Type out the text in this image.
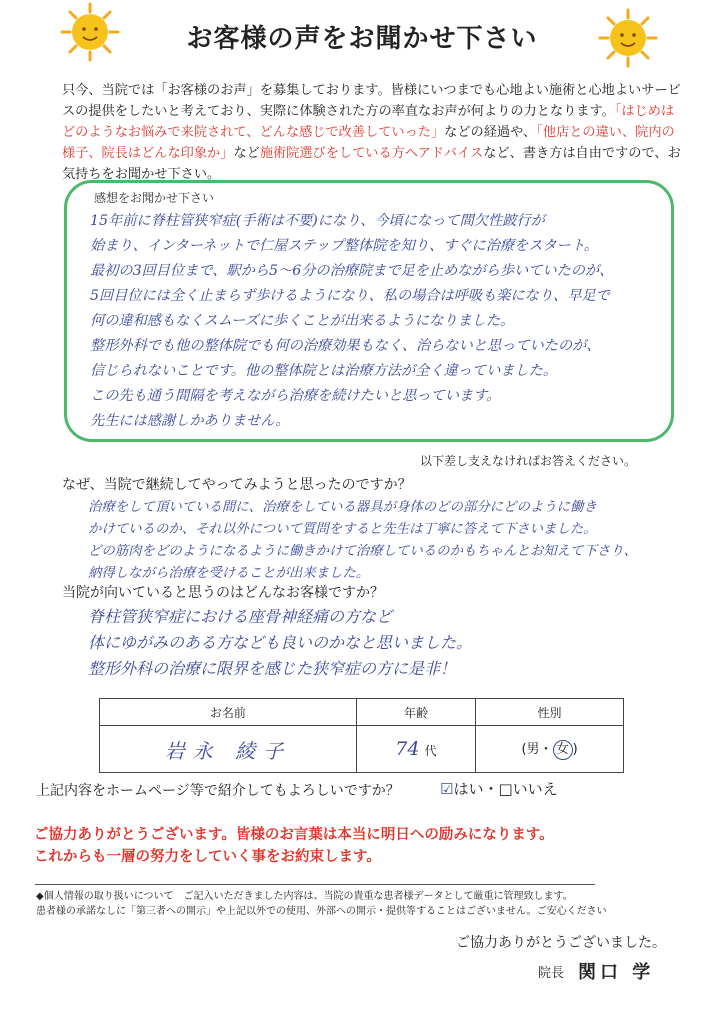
お客様の声をお聞かせ下さい
只今、当院では「お客様のお声」を募集しております。皆様にいつまでも心地よい施術と心地よいサービスの提供をしたいと考えており、実際に体験された方の率直なお声が何よりの力となります。「はじめはどのようなお悩みで来院されて、どんな感じで改善していった」などの経過や、「他店との違い、院内の様子、院長はどんな印象か」など施術院選びをしている方へアドバイスなど、書き方は自由ですので、お気持ちをお聞かせ下さい。
感想をお聞かせ下さい
15年前に脊柱管狭窄症(手術は不要)になり、今頃になって間欠性跛行が
始まり、インターネットで仁屋ステップ整体院を知り、すぐに治療をスタート。
最初の3回目位まで、駅から5〜6分の治療院まで足を止めながら歩いていたのが、
5回目位には全く止まらず歩けるようになり、私の場合は呼吸も楽になり、早足で
何の違和感もなくスムーズに歩くことが出来るようになりました。
整形外科でも他の整体院でも何の治療効果もなく、治らないと思っていたのが、
信じられないことです。他の整体院とは治療方法が全く違っていました。
この先も通う間隔を考えながら治療を続けたいと思っています。
先生には感謝しかありません。
以下差し支えなければお答えください。
なぜ、当院で継続してやってみようと思ったのですか？
治療をして頂いている間に、治療をしている器具が身体のどの部分にどのように働き
かけているのか、それ以外について質問をすると先生は丁寧に答えて下さいました。
どの筋肉をどのようになるように働きかけて治療しているのかもちゃんとお知えて下さり、
納得しながら治療を受けることが出来ました。
当院が向いていると思うのはどんなお客様ですか？
脊柱管狭窄症における座骨神経痛の方など
体にゆがみのある方なども良いのかなと思いました。
整形外科の治療に限界を感じた狭窄症の方に是非！
お名前	年齢	性別
岩永 綾子	74 代	(男・ 女 )
上記内容をホームページ等で紹介してもよろしいですか？	☑はい・□いいえ
ご協力ありがとうございます。皆様のお言葉は本当に明日への励みになります。
これからも一層の努力をしていく事をお約束します。
◆個人情報の取り扱いについて　ご記入いただきました内容は、当院の貴重な患者様データとして厳重に管理致します。
患者様の承諾なしに「第三者への開示」や上記以外での使用、外部への開示・提供等することはございません。ご安心ください
ご協力ありがとうございました。
院長 関口 学
